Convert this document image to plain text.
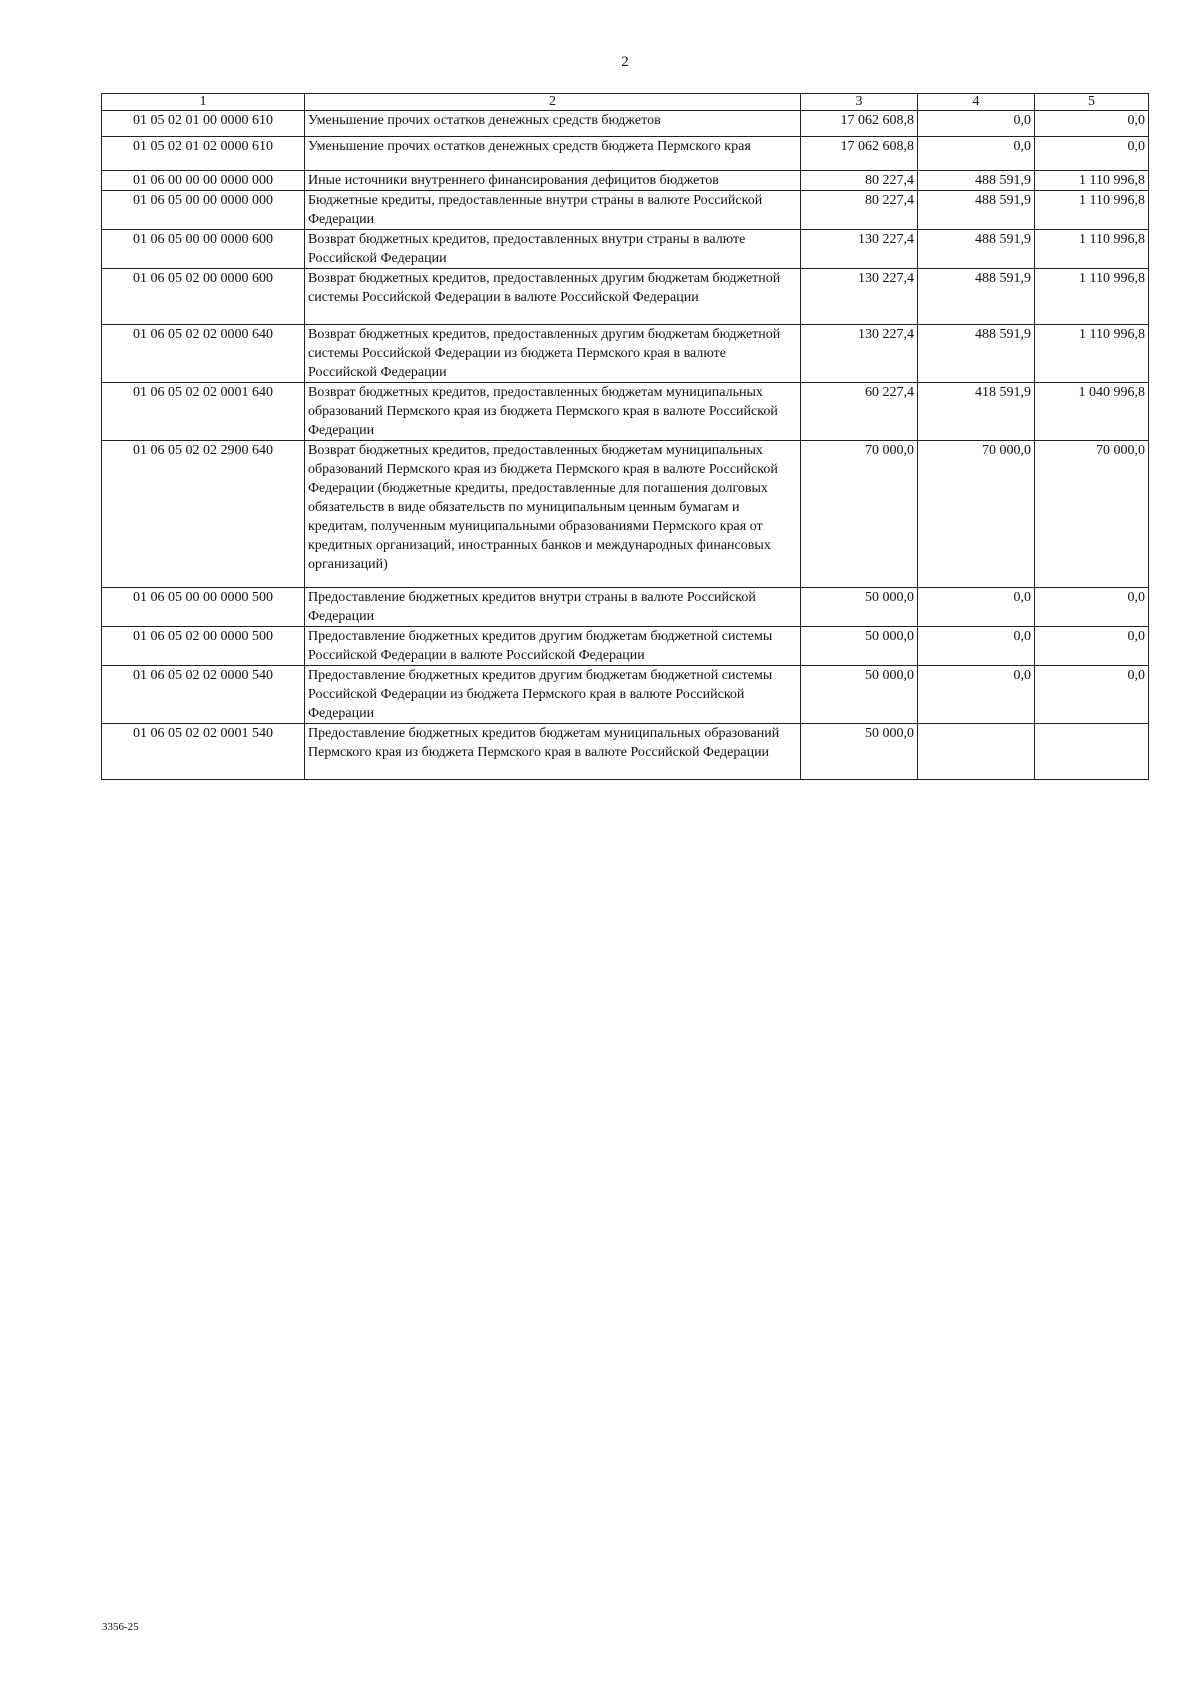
2
1	2	3	4	5
01 05 02 01 00 0000 610	Уменьшение прочих остатков денежных средств бюджетов	17 062 608,8	0,0	0,0
01 05 02 01 02 0000 610	Уменьшение прочих остатков денежных средств бюджета Пермского края	17 062 608,8	0,0	0,0
01 06 00 00 00 0000 000	Иные источники внутреннего финансирования дефицитов бюджетов	80 227,4	488 591,9	1 110 996,8
01 06 05 00 00 0000 000	Бюджетные кредиты, предоставленные внутри страны в валюте Российской Федерации	80 227,4	488 591,9	1 110 996,8
01 06 05 00 00 0000 600	Возврат бюджетных кредитов, предоставленных внутри страны в валюте Российской Федерации	130 227,4	488 591,9	1 110 996,8
01 06 05 02 00 0000 600	Возврат бюджетных кредитов, предоставленных другим бюджетам бюджетной системы Российской Федерации в валюте Российской Федерации	130 227,4	488 591,9	1 110 996,8
01 06 05 02 02 0000 640	Возврат бюджетных кредитов, предоставленных другим бюджетам бюджетной системы Российской Федерации из бюджета Пермского края в валюте Российской Федерации	130 227,4	488 591,9	1 110 996,8
01 06 05 02 02 0001 640	Возврат бюджетных кредитов, предоставленных бюджетам муниципальных образований Пермского края из бюджета Пермского края в валюте Российской Федерации	60 227,4	418 591,9	1 040 996,8
01 06 05 02 02 2900 640	Возврат бюджетных кредитов, предоставленных бюджетам муниципальных образований Пермского края из бюджета Пермского края в валюте Российской Федерации (бюджетные кредиты, предоставленные для погашения долговых обязательств в виде обязательств по муниципальным ценным бумагам и кредитам, полученным муниципальными образованиями Пермского края от кредитных организаций, иностранных банков и международных финансовых организаций)	70 000,0	70 000,0	70 000,0
01 06 05 00 00 0000 500	Предоставление бюджетных кредитов внутри страны в валюте Российской Федерации	50 000,0	0,0	0,0
01 06 05 02 00 0000 500	Предоставление бюджетных кредитов другим бюджетам бюджетной системы Российской Федерации в валюте Российской Федерации	50 000,0	0,0	0,0
01 06 05 02 02 0000 540	Предоставление бюджетных кредитов другим бюджетам бюджетной системы Российской Федерации из бюджета Пермского края в валюте Российской Федерации	50 000,0	0,0	0,0
01 06 05 02 02 0001 540	Предоставление бюджетных кредитов бюджетам муниципальных образований Пермского края из бюджета Пермского края в валюте Российской Федерации	50 000,0		
3356-25
